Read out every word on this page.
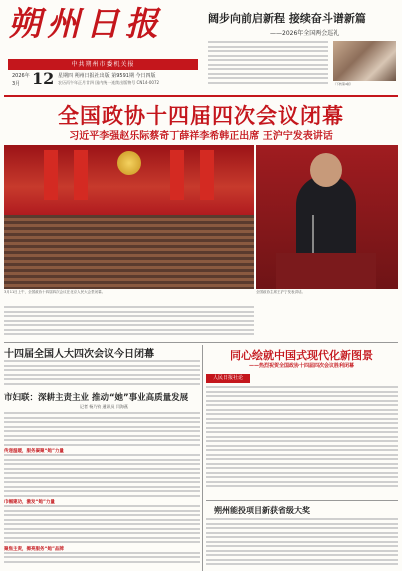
朔州日报
中共朔州市委机关报
2026年 12
3月
星期四 朔州日报社出版 第9591期 今日四版
农历丙午年正月廿四 国内统一连续出版物号 CN14-0072
阔步向前启新程 接续奋斗谱新篇
——2026年全国两会巡礼
（下转第4版）
全国政协十四届四次会议闭幕
习近平李强赵乐际蔡奇丁薛祥李希韩正出席 王沪宁发表讲话
3月11日上午，全国政协十四届四次会议在北京人民大会堂闭幕。	全国政协主席王沪宁发表讲话。
十四届全国人大四次会议今日闭幕
市妇联：深耕主责主业 推动“她”事业高质量发展
记者 杨乃钧 通讯员 闫海燕
传递温暖，服务凝聚“她”力量
巾帼建功，激发“她”力量
聚焦主责，擦亮服务“她”品牌
同心绘就中国式现代化新图景
——热烈祝贺全国政协十四届四次会议胜利闭幕
人民日报社论
朔州能投项目新获省级大奖
